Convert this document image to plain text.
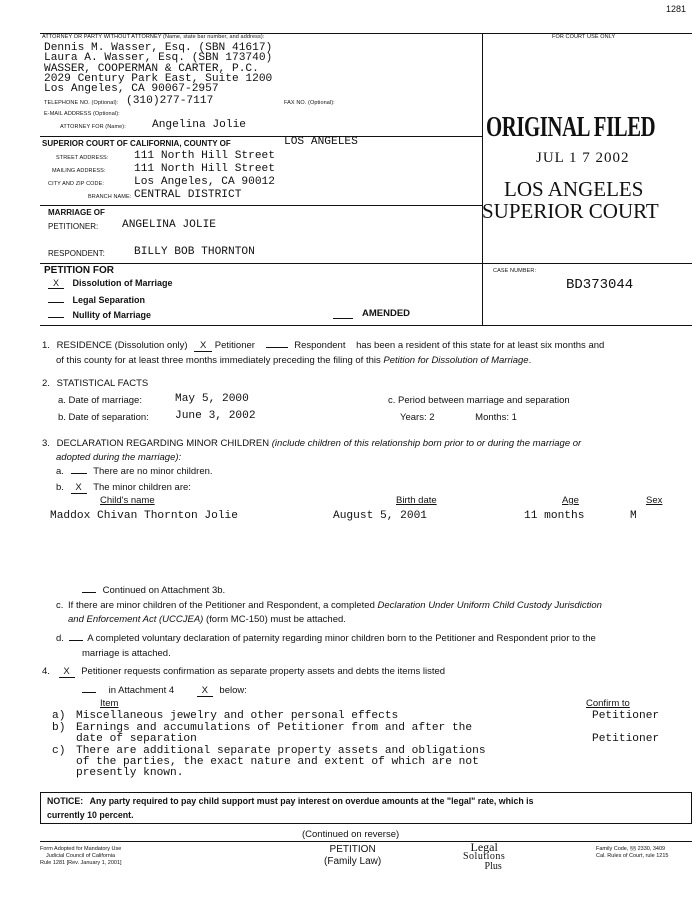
1281
ATTORNEY OR PARTY WITHOUT ATTORNEY (Name, state bar number, and address):	FOR COURT USE ONLY
Dennis M. Wasser, Esq. (SBN 41617)
Laura A. Wasser, Esq. (SBN 173740)
WASSER, COOPERMAN & CARTER, P.C.
2029 Century Park East, Suite 1200
Los Angeles, CA 90067-2957
TELEPHONE NO. (Optional): (310)277-7117	FAX NO. (Optional):
E-MAIL ADDRESS (Optional):
ATTORNEY FOR (Name): Angelina Jolie
SUPERIOR COURT OF CALIFORNIA, COUNTY OF	LOS ANGELES
STREET ADDRESS: 111 North Hill Street
MAILING ADDRESS:	111 North Hill Street
CITY AND ZIP CODE:	Los Angeles, CA 90012
BRANCH NAME: CENTRAL DISTRICT
MARRIAGE OF
PETITIONER: ANGELINA JOLIE
RESPONDENT:	BILLY BOB THORNTON
ORIGINAL FILED
JUL 1 7 2002
LOS ANGELES
SUPERIOR COURT
PETITION FOR
X Dissolution of Marriage
Legal Separation
Nullity of Marriage	AMENDED
CASE NUMBER:
BD373044
1. RESIDENCE (Dissolution only) X Petitioner	Respondent has been a resident of this state for at least six months and
of this county for at least three months immediately preceding the filing of this Petition for Dissolution of Marriage.
2. STATISTICAL FACTS
a. Date of marriage:	May 5, 2000
b. Date of separation: June 3, 2002
c. Period between marriage and separation
Years: 2	Months: 1
3. DECLARATION REGARDING MINOR CHILDREN (include children of this relationship born prior to or during the marriage or
adopted during the marriage):
a.	There are no minor children.
b. X The minor children are:
Child's name	Birth date	Age	Sex
Maddox Chivan Thornton Jolie	August 5, 2001	11 months	M
Continued on Attachment 3b.
c. If there are minor children of the Petitioner and Respondent, a completed Declaration Under Uniform Child Custody Jurisdiction
and Enforcement Act (UCCJEA) (form MC-150) must be attached.
d. A completed voluntary declaration of paternity regarding minor children born to the Petitioner and Respondent prior to the
marriage is attached.
4. X Petitioner requests confirmation as separate property assets and debts the items listed
in Attachment 4	X below:
Item	Confirm to
a) Miscellaneous jewelry and other personal effects	Petitioner
b) Earnings and accumulations of Petitioner from and after the
date of separation	Petitioner
c) There are additional separate property assets and obligations
of the parties, the exact nature and extent of which are not
presently known.
NOTICE: Any party required to pay child support must pay interest on overdue amounts at the "legal" rate, which is
currently 10 percent.
(Continued on reverse)
Form Adopted for Mandatory Use
Judicial Council of California
Rule 1281 [Rev. January 1, 2001]
PETITION
(Family Law)
Legal
Solutions
Plus
Family Code, §§ 2330, 3409
Cal. Rules of Court, rule 1215
